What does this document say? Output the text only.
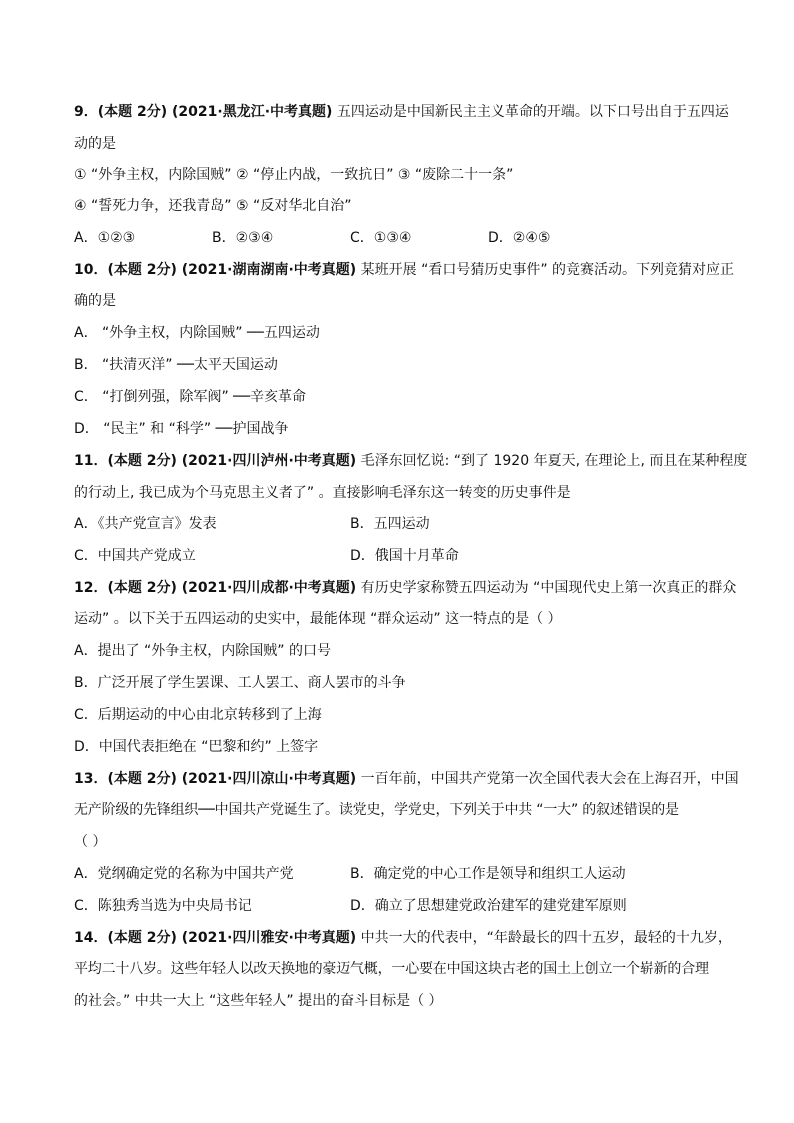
9．(本题 2分) (2021·黑龙江·中考真题) 五四运动是中国新民主主义革命的开端。以下口号出自于五四运
动的是
① “外争主权，内除国贼” ② “停止内战，一致抗日” ③ “废除二十一条”
④ “誓死力争，还我青岛” ⑤ “反对华北自治”
A．①②③	B．②③④	C．①③④	D．②④⑤
10．(本题 2分) (2021·湖南湖南·中考真题) 某班开展 “看口号猜历史事件” 的竞赛活动。下列竞猜对应正
确的是
A． “外争主权，内除国贼” ──五四运动
B． “扶清灭洋” ──太平天国运动
C． “打倒列强，除军阀” ──辛亥革命
D． “民主” 和 “科学” ──护国战争
11．(本题 2分) (2021·四川泸州·中考真题) 毛泽东回忆说: “到了 1920 年夏天, 在理论上, 而且在某种程度
的行动上, 我已成为个马克思主义者了” 。直接影响毛泽东这一转变的历史事件是
A．《共产党宣言》发表	B．五四运动
C．中国共产党成立	D．俄国十月革命
12．(本题 2分) (2021·四川成都·中考真题) 有历史学家称赞五四运动为 “中国现代史上第一次真正的群众
运动” 。以下关于五四运动的史实中，最能体现 “群众运动” 这一特点的是（ ）
A．提出了 “外争主权，内除国贼” 的口号
B．广泛开展了学生罢课、工人罢工、商人罢市的斗争
C．后期运动的中心由北京转移到了上海
D．中国代表拒绝在 “巴黎和约” 上签字
13．(本题 2分) (2021·四川凉山·中考真题) 一百年前，中国共产党第一次全国代表大会在上海召开，中国
无产阶级的先锋组织──中国共产党诞生了。读党史，学党史，下列关于中共 “一大” 的叙述错误的是
（ ）
A．党纲确定党的名称为中国共产党	B．确定党的中心工作是领导和组织工人运动
C．陈独秀当选为中央局书记	D．确立了思想建党政治建军的建党建军原则
14．(本题 2分) (2021·四川雅安·中考真题) 中共一大的代表中，“年龄最长的四十五岁，最轻的十九岁，
平均二十八岁。这些年轻人以改天换地的豪迈气概，一心要在中国这块古老的国土上创立一个崭新的合理
的社会。” 中共一大上 “这些年轻人” 提出的奋斗目标是（ ）
